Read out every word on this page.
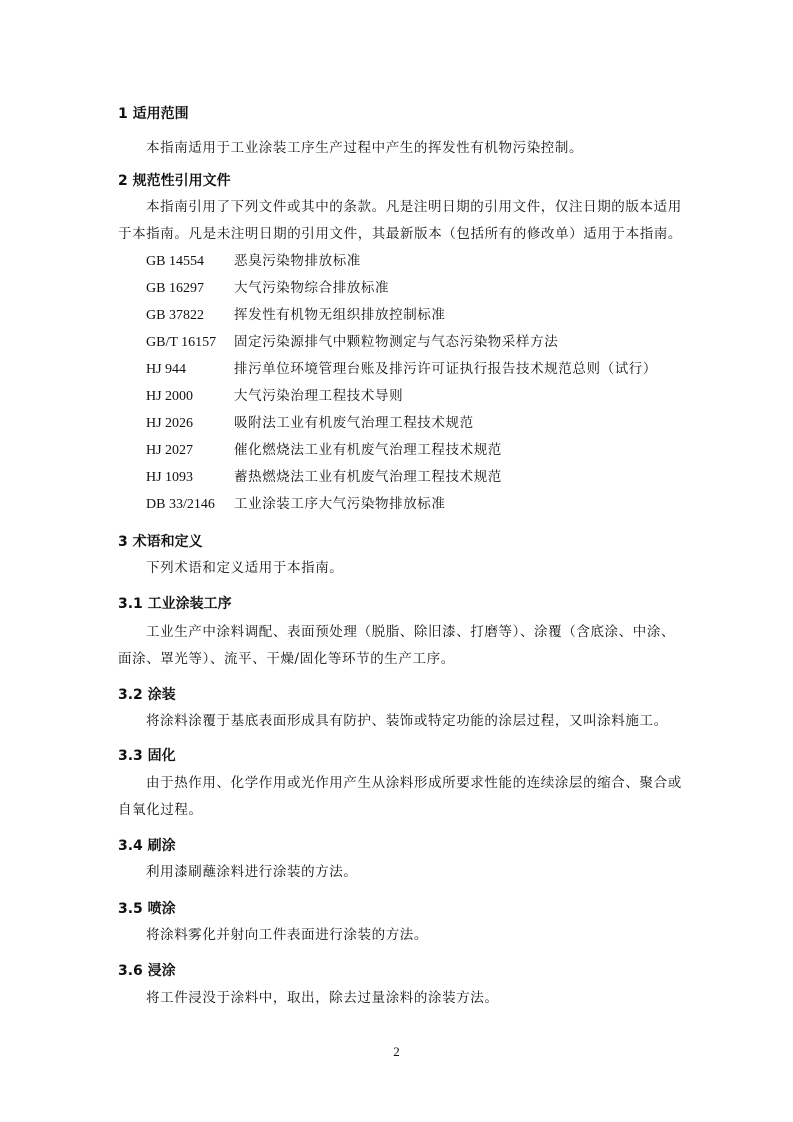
1 适用范围
本指南适用于工业涂装工序生产过程中产生的挥发性有机物污染控制。
2 规范性引用文件
本指南引用了下列文件或其中的条款。凡是注明日期的引用文件，仅注日期的版本适用
于本指南。凡是未注明日期的引用文件，其最新版本（包括所有的修改单）适用于本指南。
GB 14554 恶臭污染物排放标准
GB 16297 大气污染物综合排放标准
GB 37822 挥发性有机物无组织排放控制标准
GB/T 16157 固定污染源排气中颗粒物测定与气态污染物采样方法
HJ 944	排污单位环境管理台账及排污许可证执行报告技术规范总则（试行）
HJ 2000	大气污染治理工程技术导则
HJ 2026	吸附法工业有机废气治理工程技术规范
HJ 2027	催化燃烧法工业有机废气治理工程技术规范
HJ 1093	蓄热燃烧法工业有机废气治理工程技术规范
DB 33/2146 工业涂装工序大气污染物排放标准
3 术语和定义
下列术语和定义适用于本指南。
3.1 工业涂装工序
工业生产中涂料调配、表面预处理（脱脂、除旧漆、打磨等）、涂覆（含底涂、中涂、
面涂、罩光等）、流平、干燥/固化等环节的生产工序。
3.2 涂装
将涂料涂覆于基底表面形成具有防护、装饰或特定功能的涂层过程，又叫涂料施工。
3.3 固化
由于热作用、化学作用或光作用产生从涂料形成所要求性能的连续涂层的缩合、聚合或
自氧化过程。
3.4 刷涂
利用漆刷蘸涂料进行涂装的方法。
3.5 喷涂
将涂料雾化并射向工件表面进行涂装的方法。
3.6 浸涂
将工件浸没于涂料中，取出，除去过量涂料的涂装方法。
2
